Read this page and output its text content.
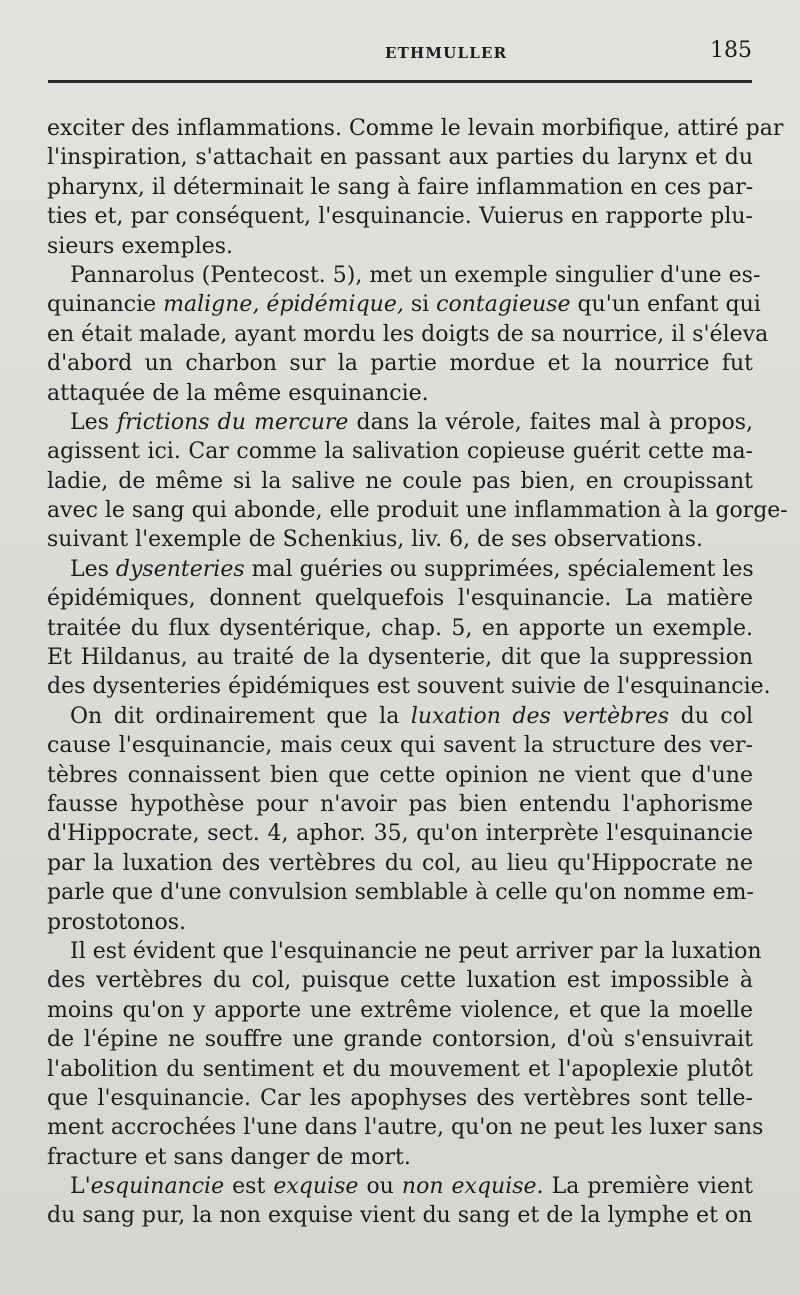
ETHMULLER	185
exciter des inflammations. Comme le levain morbifique, attiré par
l'inspiration, s'attachait en passant aux parties du larynx et du
pharynx, il déterminait le sang à faire inflammation en ces par-
ties et, par conséquent, l'esquinancie. Vuierus en rapporte plu-
sieurs exemples.
Pannarolus (Pentecost. 5), met un exemple singulier d'une es-
quinancie maligne, épidémique, si contagieuse qu'un enfant qui
en était malade, ayant mordu les doigts de sa nourrice, il s'éleva
d'abord un charbon sur la partie mordue et la nourrice fut
attaquée de la même esquinancie.
Les frictions du mercure dans la vérole, faites mal à propos,
agissent ici. Car comme la salivation copieuse guérit cette ma-
ladie, de même si la salive ne coule pas bien, en croupissant
avec le sang qui abonde, elle produit une inflammation à la gorge-
suivant l'exemple de Schenkius, liv. 6, de ses observations.
Les dysenteries mal guéries ou supprimées, spécialement les
épidémiques, donnent quelquefois l'esquinancie. La matière
traitée du flux dysentérique, chap. 5, en apporte un exemple.
Et Hildanus, au traité de la dysenterie, dit que la suppression
des dysenteries épidémiques est souvent suivie de l'esquinancie.
On dit ordinairement que la luxation des vertèbres du col
cause l'esquinancie, mais ceux qui savent la structure des ver-
tèbres connaissent bien que cette opinion ne vient que d'une
fausse hypothèse pour n'avoir pas bien entendu l'aphorisme
d'Hippocrate, sect. 4, aphor. 35, qu'on interprète l'esquinancie
par la luxation des vertèbres du col, au lieu qu'Hippocrate ne
parle que d'une convulsion semblable à celle qu'on nomme em-
prostotonos.
Il est évident que l'esquinancie ne peut arriver par la luxation
des vertèbres du col, puisque cette luxation est impossible à
moins qu'on y apporte une extrême violence, et que la moelle
de l'épine ne souffre une grande contorsion, d'où s'ensuivrait
l'abolition du sentiment et du mouvement et l'apoplexie plutôt
que l'esquinancie. Car les apophyses des vertèbres sont telle-
ment accrochées l'une dans l'autre, qu'on ne peut les luxer sans
fracture et sans danger de mort.
L'esquinancie est exquise ou non exquise. La première vient
du sang pur, la non exquise vient du sang et de la lymphe et on
